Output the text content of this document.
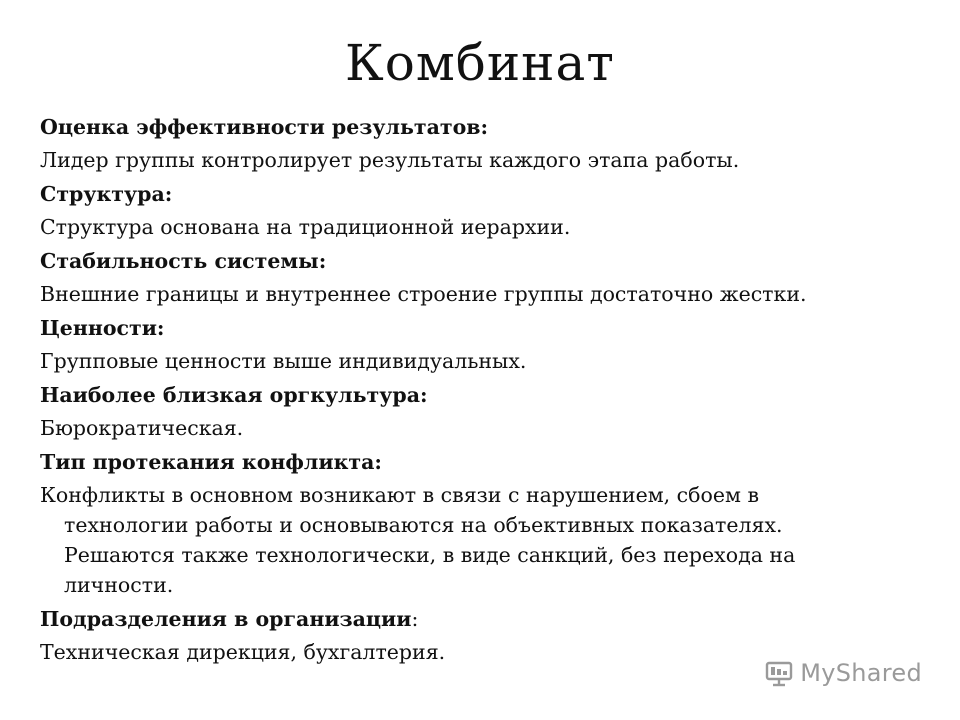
Комбинат
Оценка эффективности результатов:
Лидер группы контролирует результаты каждого этапа работы.
Структура:
Структура основана на традиционной иерархии.
Стабильность системы:
Внешние границы и внутреннее строение группы достаточно жестки.
Ценности:
Групповые ценности выше индивидуальных.
Наиболее близкая оргкультура:
Бюрократическая.
Тип протекания конфликта:
Конфликты в основном возникают в связи с нарушением, сбоем в технологии работы и основываются на объективных показателях. Решаются также технологически, в виде санкций, без перехода на личности.
Подразделения в организации:
Техническая дирекция, бухгалтерия.
MyShared
